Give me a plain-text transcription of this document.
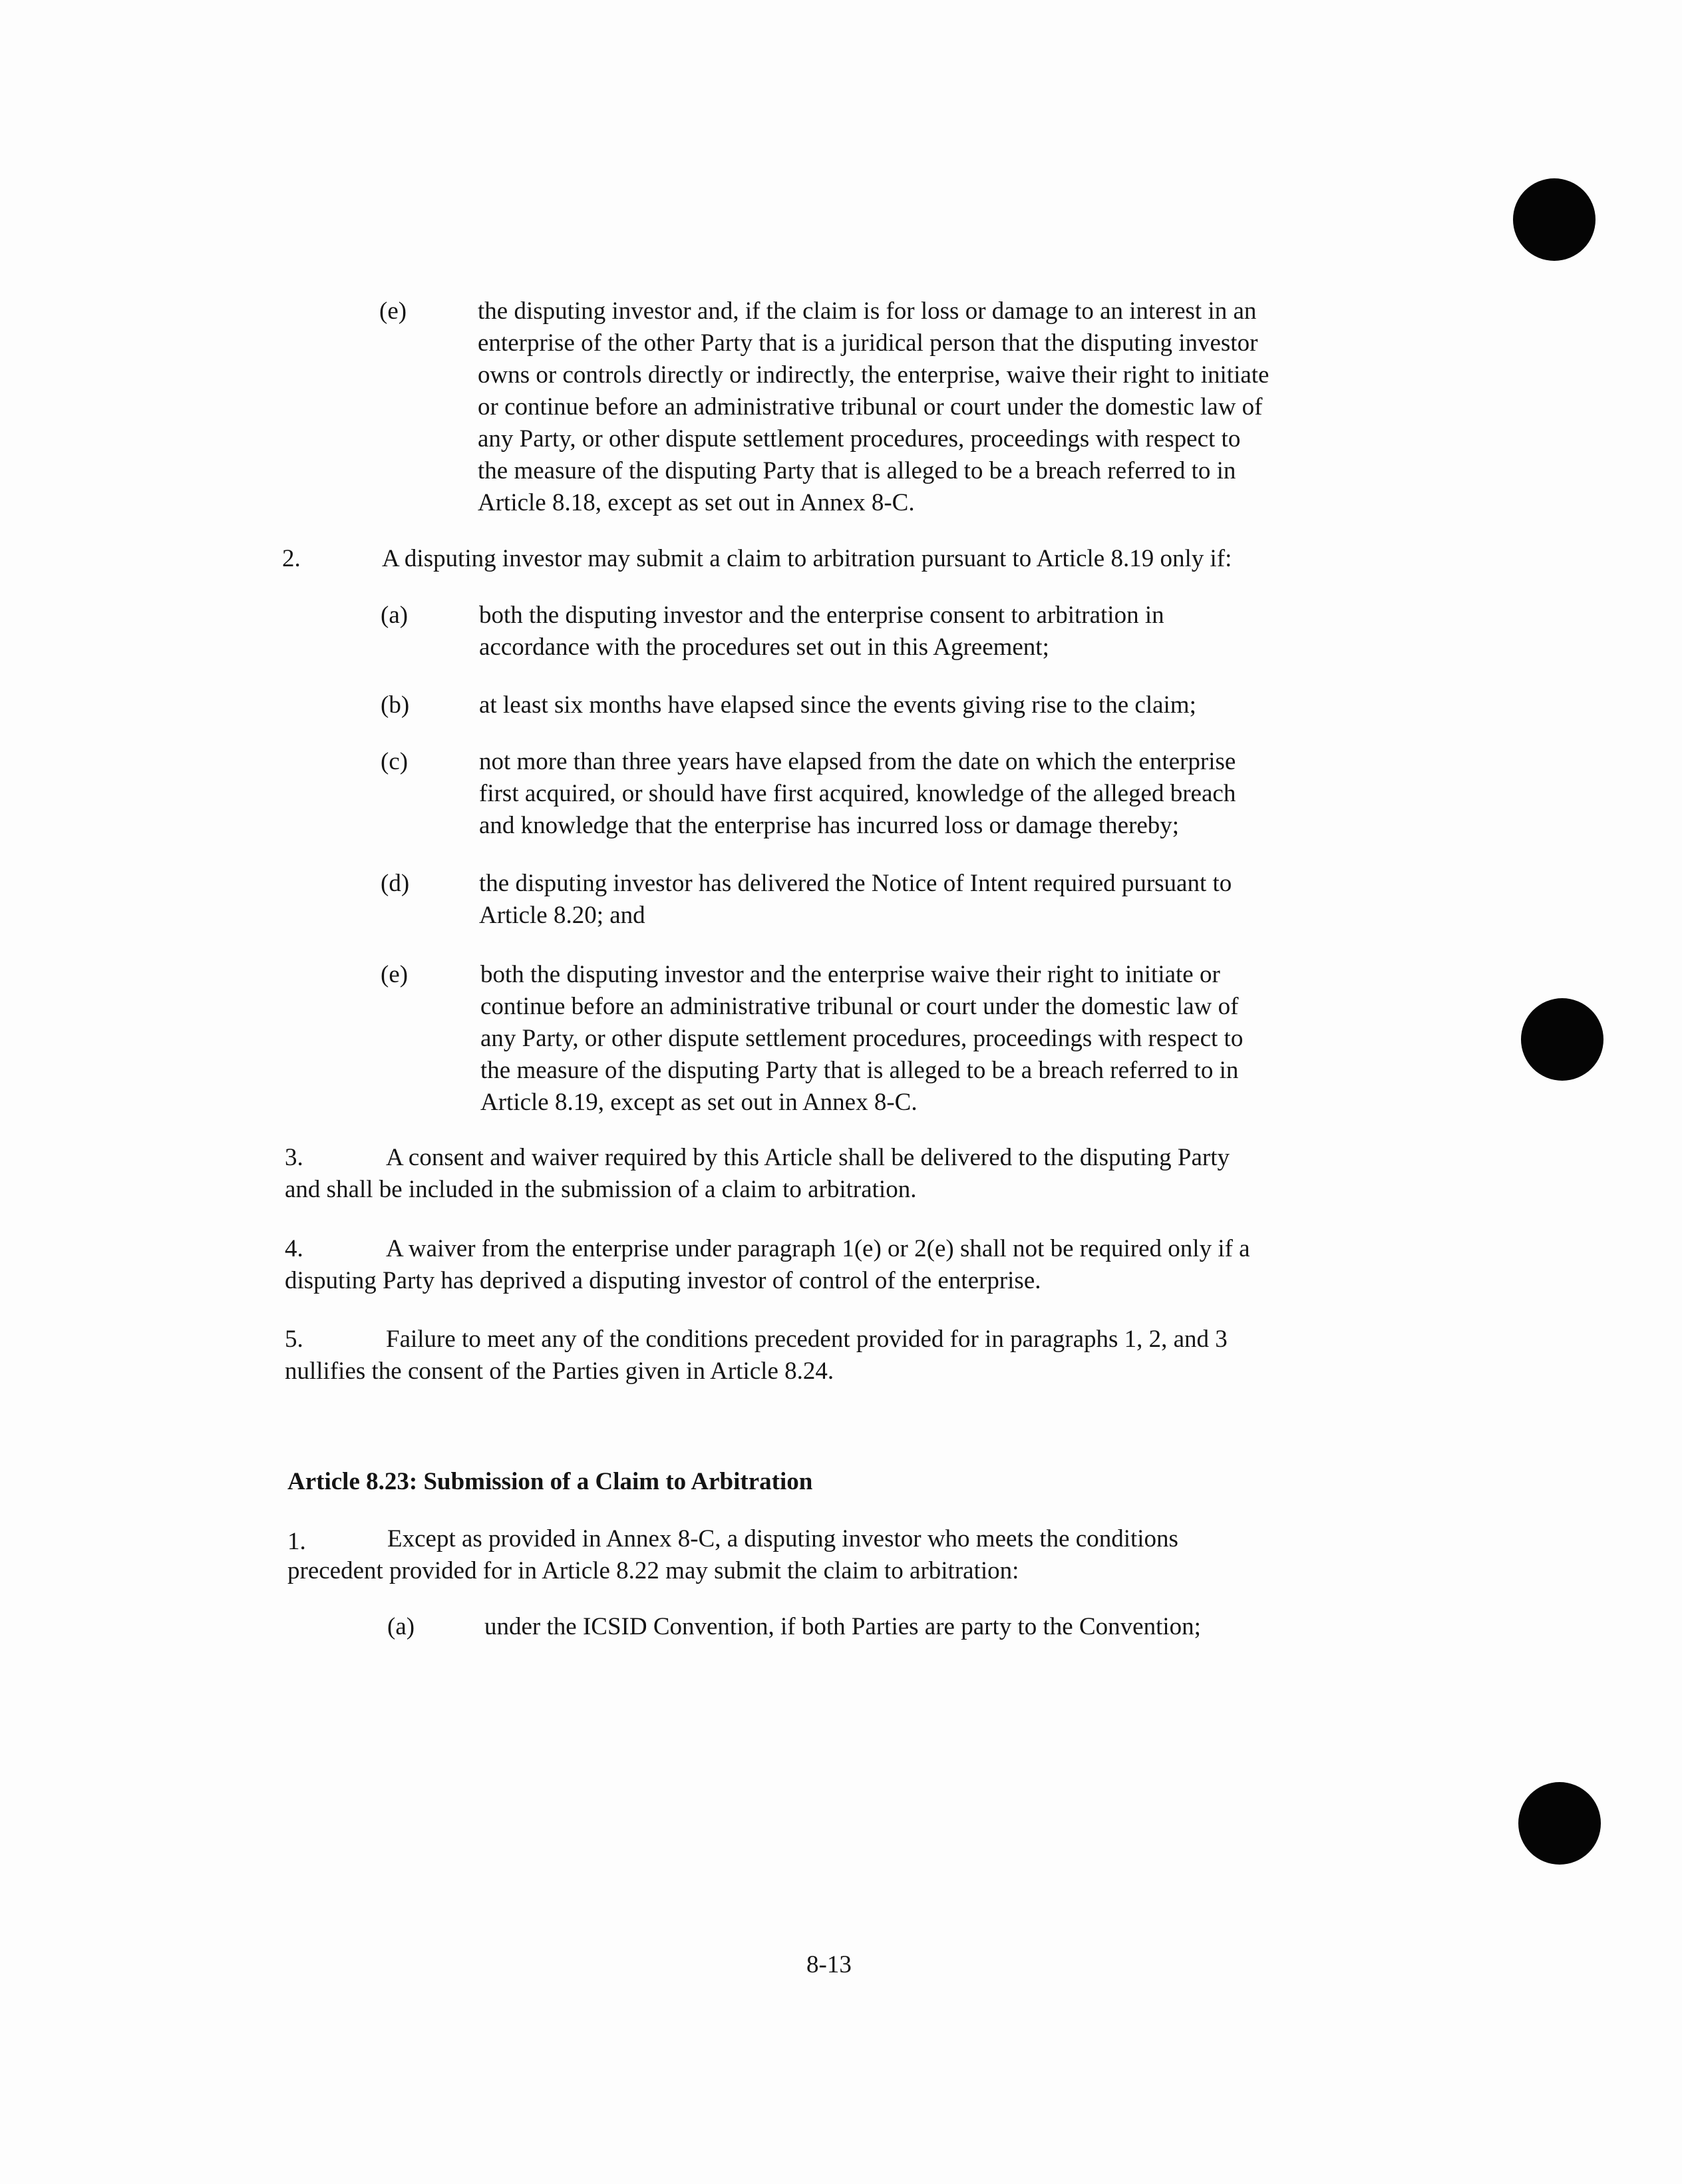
(e)	the disputing investor and, if the claim is for loss or damage to an interest in an
enterprise of the other Party that is a juridical person that the disputing investor
owns or controls directly or indirectly, the enterprise, waive their right to initiate
or continue before an administrative tribunal or court under the domestic law of
any Party, or other dispute settlement procedures, proceedings with respect to
the measure of the disputing Party that is alleged to be a breach referred to in
Article 8.18, except as set out in Annex 8-C.
2.	A disputing investor may submit a claim to arbitration pursuant to Article 8.19 only if:
(a)	both the disputing investor and the enterprise consent to arbitration in
accordance with the procedures set out in this Agreement;
(b)	at least six months have elapsed since the events giving rise to the claim;
(c)	not more than three years have elapsed from the date on which the enterprise
first acquired, or should have first acquired, knowledge of the alleged breach
and knowledge that the enterprise has incurred loss or damage thereby;
(d)	the disputing investor has delivered the Notice of Intent required pursuant to
Article 8.20; and
(e)	both the disputing investor and the enterprise waive their right to initiate or
continue before an administrative tribunal or court under the domestic law of
any Party, or other dispute settlement procedures, proceedings with respect to
the measure of the disputing Party that is alleged to be a breach referred to in
Article 8.19, except as set out in Annex 8-C.
3.	A consent and waiver required by this Article shall be delivered to the disputing Party
and shall be included in the submission of a claim to arbitration.
4.	A waiver from the enterprise under paragraph 1(e) or 2(e) shall not be required only if a
disputing Party has deprived a disputing investor of control of the enterprise.
5.	Failure to meet any of the conditions precedent provided for in paragraphs 1, 2, and 3
nullifies the consent of the Parties given in Article 8.24.
Article 8.23: Submission of a Claim to Arbitration
1.	Except as provided in Annex 8-C, a disputing investor who meets the conditions
precedent provided for in Article 8.22 may submit the claim to arbitration:
(a)	under the ICSID Convention, if both Parties are party to the Convention;
8-13
